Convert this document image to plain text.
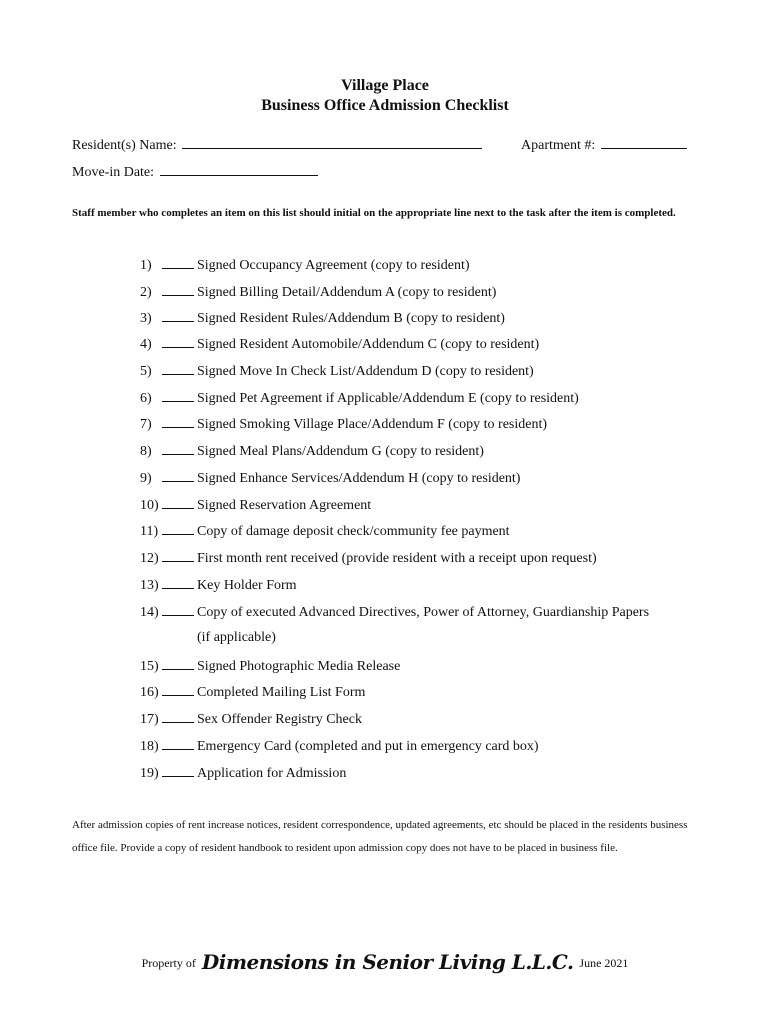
Village Place
Business Office Admission Checklist
Resident(s) Name:	Apartment #:
Move-in Date:
Staff member who completes an item on this list should initial on the appropriate line next to the task after the item is completed.
1)	Signed Occupancy Agreement (copy to resident)
2)	Signed Billing Detail/Addendum A (copy to resident)
3)	Signed Resident Rules/Addendum B (copy to resident)
4)	Signed Resident Automobile/Addendum C (copy to resident)
5)	Signed Move In Check List/Addendum D (copy to resident)
6)	Signed Pet Agreement if Applicable/Addendum E (copy to resident)
7)	Signed Smoking Village Place/Addendum F (copy to resident)
8)	Signed Meal Plans/Addendum G (copy to resident)
9)	Signed Enhance Services/Addendum H (copy to resident)
10)	Signed Reservation Agreement
11)	Copy of damage deposit check/community fee payment
12)	First month rent received (provide resident with a receipt upon request)
13)	Key Holder Form
14)	Copy of executed Advanced Directives, Power of Attorney, Guardianship Papers
(if applicable)
15)	Signed Photographic Media Release
16)	Completed Mailing List Form
17)	Sex Offender Registry Check
18)	Emergency Card (completed and put in emergency card box)
19)	Application for Admission
After admission copies of rent increase notices, resident correspondence, updated agreements, etc should be placed in the residents business office file. Provide a copy of resident handbook to resident upon admission copy does not have to be placed in business file.
Property of Dimensions in Senior Living L.L.C. June 2021
